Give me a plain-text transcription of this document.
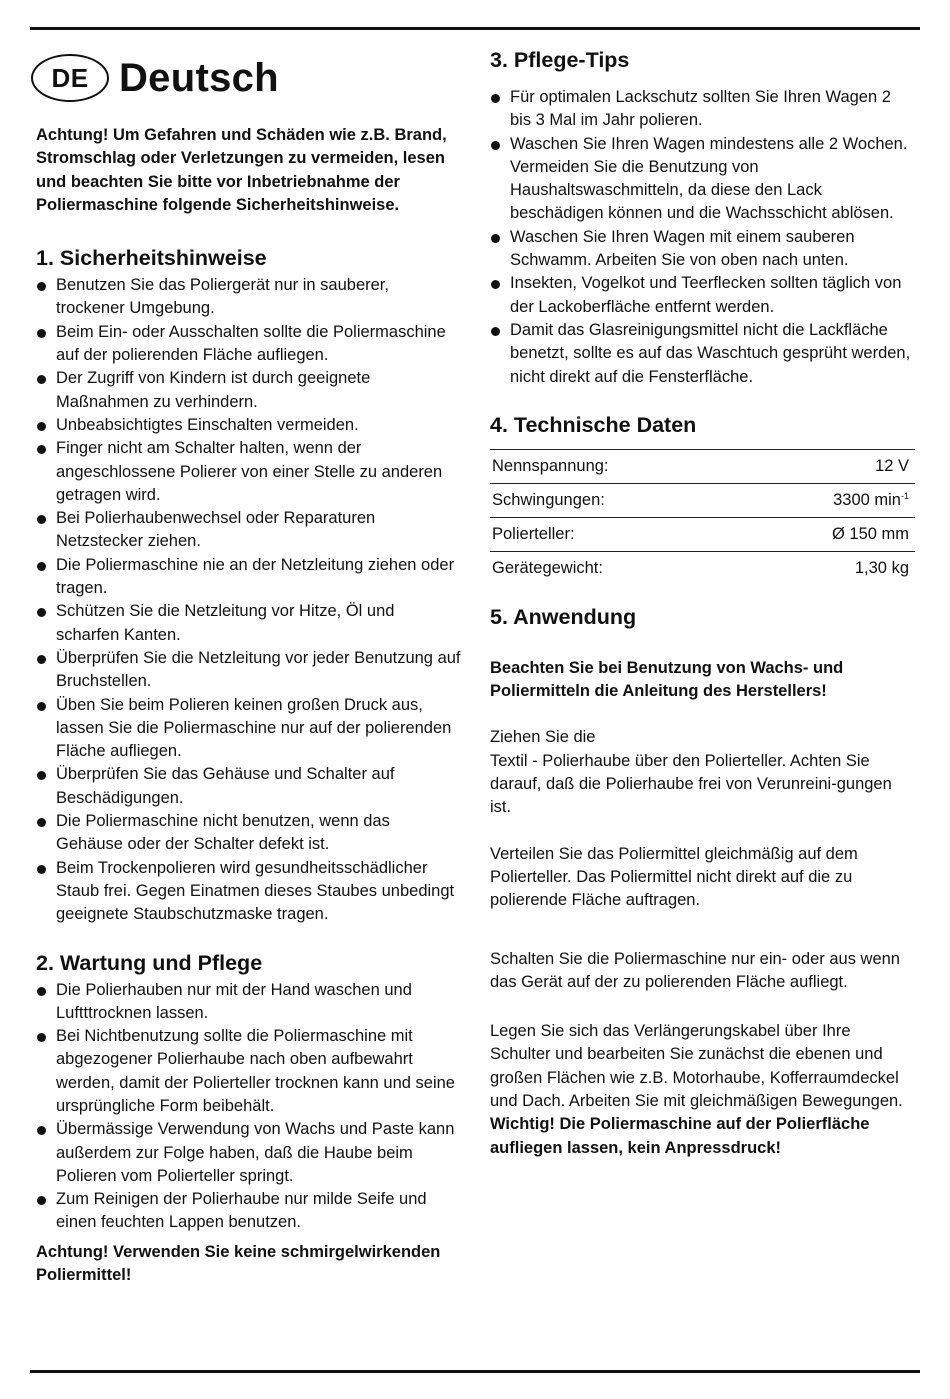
DE Deutsch

Achtung! Um Gefahren und Schäden wie z.B. Brand, Stromschlag oder Verletzungen zu vermeiden, lesen und beachten Sie bitte vor Inbetriebnahme der Poliermaschine folgende Sicherheitshinweise.

1. Sicherheitshinweise
Benutzen Sie das Poliergerät nur in sauberer, trockener Umgebung.
Beim Ein- oder Ausschalten sollte die Poliermaschine auf der polierenden Fläche aufliegen.
Der Zugriff von Kindern ist durch geeignete Maßnahmen zu verhindern.
Unbeabsichtigtes Einschalten vermeiden.
Finger nicht am Schalter halten, wenn der angeschlossene Polierer von einer Stelle zu anderen getragen wird.
Bei Polierhaubenwechsel oder Reparaturen Netzstecker ziehen.
Die Poliermaschine nie an der Netzleitung ziehen oder tragen.
Schützen Sie die Netzleitung vor Hitze, Öl und scharfen Kanten.
Überprüfen Sie die Netzleitung vor jeder Benutzung auf Bruchstellen.
Üben Sie beim Polieren keinen großen Druck aus, lassen Sie die Poliermaschine nur auf der polierenden Fläche aufliegen.
Überprüfen Sie das Gehäuse und Schalter auf Beschädigungen.
Die Poliermaschine nicht benutzen, wenn das Gehäuse oder der Schalter defekt ist.
Beim Trockenpolieren wird gesundheitsschädlicher Staub frei. Gegen Einatmen dieses Staubes unbedingt geeignete Staubschutzmaske tragen.
2. Wartung und Pflege
Die Polierhauben nur mit der Hand waschen und Luftttrocknen lassen.
Bei Nichtbenutzung sollte die Poliermaschine mit abgezogener Polierhaube nach oben aufbewahrt werden, damit der Polierteller trocknen kann und seine ursprüngliche Form beibehält.
Übermässige Verwendung von Wachs und Paste kann außerdem zur Folge haben, daß die Haube beim Polieren vom Polierteller springt.
Zum Reinigen der Polierhaube nur milde Seife und einen feuchten Lappen benutzen.

Achtung! Verwenden Sie keine schmirgelwirkenden Poliermittel!

3. Pflege-Tips
Für optimalen Lackschutz sollten Sie Ihren Wagen 2 bis 3 Mal im Jahr polieren.
Waschen Sie Ihren Wagen mindestens alle 2 Wochen. Vermeiden Sie die Benutzung von Haushaltswaschmitteln, da diese den Lack beschädigen können und die Wachsschicht ablösen.
Waschen Sie Ihren Wagen mit einem sauberen Schwamm. Arbeiten Sie von oben nach unten.
Insekten, Vogelkot und Teerflecken sollten täglich von der Lackoberfläche entfernt werden.
Damit das Glasreinigungsmittel nicht die Lackfläche benetzt, sollte es auf das Waschtuch gesprüht werden, nicht direkt auf die Fensterfläche.
4. Technische Daten
Nennspannung:	12 V
Schwingungen:	3300 $\min^{-1}$
Polierteller:	Ø 150 mm
Gerätegewicht:	1,30 kg
5. Anwendung

Beachten Sie bei Benutzung von Wachs- und Poliermitteln die Anleitung des Herstellers!

Ziehen Sie die
Textil - Polierhaube über den Polierteller. Achten Sie darauf, daß die Polierhaube frei von Verunreini-gungen ist.

Verteilen Sie das Poliermittel gleichmäßig auf dem Polierteller. Das Poliermittel nicht direkt auf die zu polierende Fläche auftragen.

Schalten Sie die Poliermaschine nur ein- oder aus wenn das Gerät auf der zu polierenden Fläche aufliegt.

Legen Sie sich das Verlängerungskabel über Ihre Schulter und bearbeiten Sie zunächst die ebenen und großen Flächen wie z.B. Motorhaube, Kofferraumdeckel und Dach. Arbeiten Sie mit gleichmäßigen Bewegungen.

Wichtig! Die Poliermaschine auf der Polierfläche aufliegen lassen, kein Anpressdruck!
